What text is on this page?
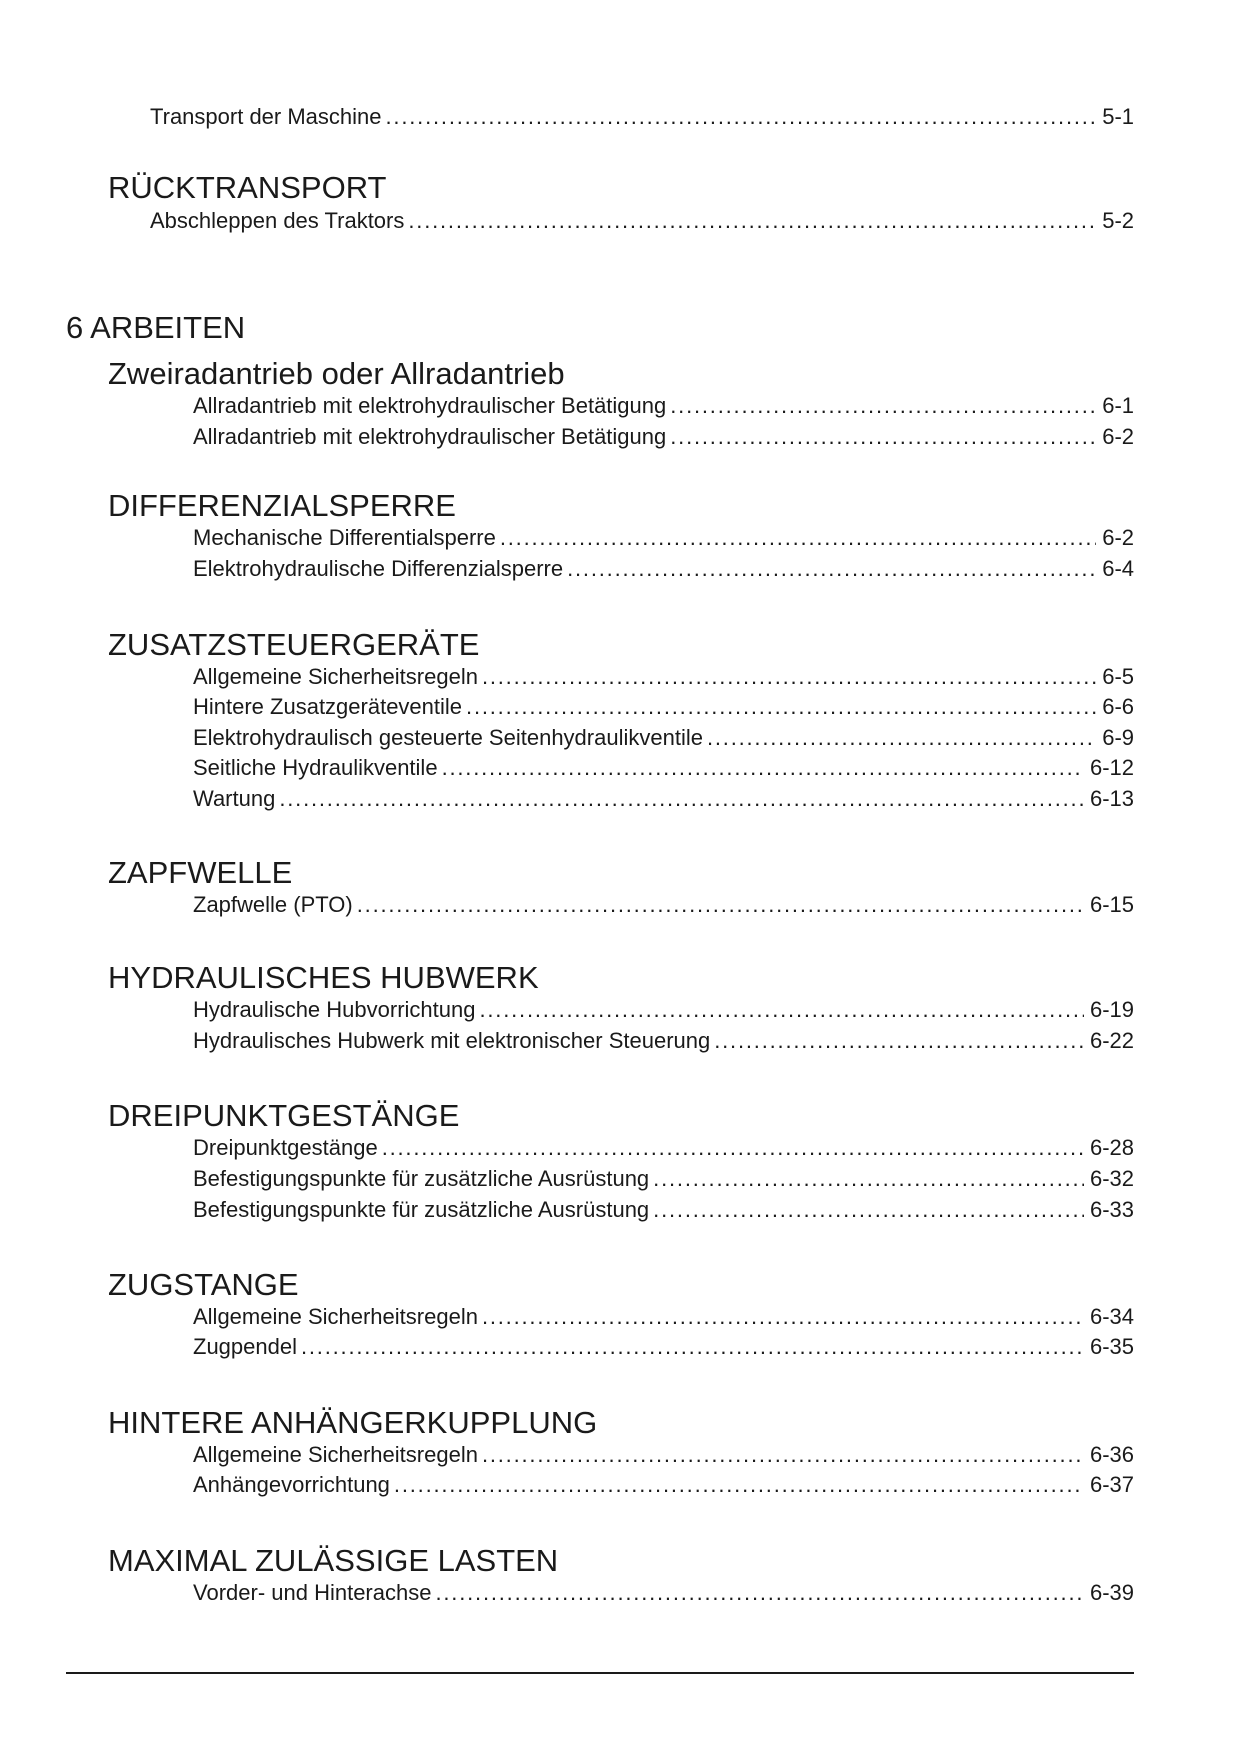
Transport der Maschine .....	5-1
RÜCKTRANSPORT
Abschleppen des Traktors .....	5-2
6 ARBEITEN
Zweiradantrieb oder Allradantrieb
Allradantrieb mit elektrohydraulischer Betätigung .....	6-1
Allradantrieb mit elektrohydraulischer Betätigung .....	6-2
DIFFERENZIALSPERRE
Mechanische Differentialsperre .....	6-2
Elektrohydraulische Differenzialsperre .....	6-4
ZUSATZSTEUERGERÄTE
Allgemeine Sicherheitsregeln .....	6-5
Hintere Zusatzgeräteventile .....	6-6
Elektrohydraulisch gesteuerte Seitenhydraulikventile .....	6-9
Seitliche Hydraulikventile .....	6-12
Wartung .....	6-13
ZAPFWELLE
Zapfwelle (PTO) .....	6-15
HYDRAULISCHES HUBWERK
Hydraulische Hubvorrichtung .....	6-19
Hydraulisches Hubwerk mit elektronischer Steuerung .....	6-22
DREIPUNKTGESTÄNGE
Dreipunktgestänge .....	6-28
Befestigungspunkte für zusätzliche Ausrüstung .....	6-32
Befestigungspunkte für zusätzliche Ausrüstung .....	6-33
ZUGSTANGE
Allgemeine Sicherheitsregeln .....	6-34
Zugpendel .....	6-35
HINTERE ANHÄNGERKUPPLUNG
Allgemeine Sicherheitsregeln .....	6-36
Anhängevorrichtung .....	6-37
MAXIMAL ZULÄSSIGE LASTEN
Vorder- und Hinterachse .....	6-39
